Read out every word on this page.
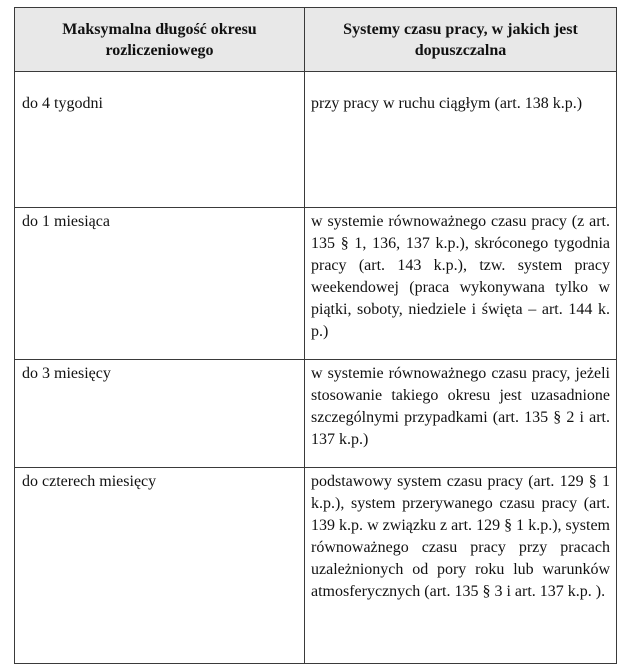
Maksymalna długość okresu rozliczeniowego	Systemy czasu pracy, w jakich jest dopuszczalna
do 4 tygodni	przy pracy w ruchu ciągłym (art. 138 k.p.)
do 1 miesiąca	w systemie równoważnego czasu pracy (z art. 135 § 1, 136, 137 k.p.), skróconego tygodnia pracy (art. 143 k.p.), tzw. system pracy weekendowej (praca wykonywana tylko w piątki, soboty, niedziele i święta – art. 144 k. p.)
do 3 miesięcy	w systemie równoważnego czasu pracy, jeżeli stosowanie takiego okresu jest uzasadnione szczególnymi przypadkami (art. 135 § 2 i art. 137 k.p.)
do czterech miesięcy	podstawowy system czasu pracy (art. 129 § 1 k.p.), system przerywanego czasu pracy (art. 139 k.p. w związku z art. 129 § 1 k.p.), system równoważnego czasu pracy przy pracach uzależnionych od pory roku lub warunków atmosferycznych (art. 135 § 3 i art. 137 k.p. ).
